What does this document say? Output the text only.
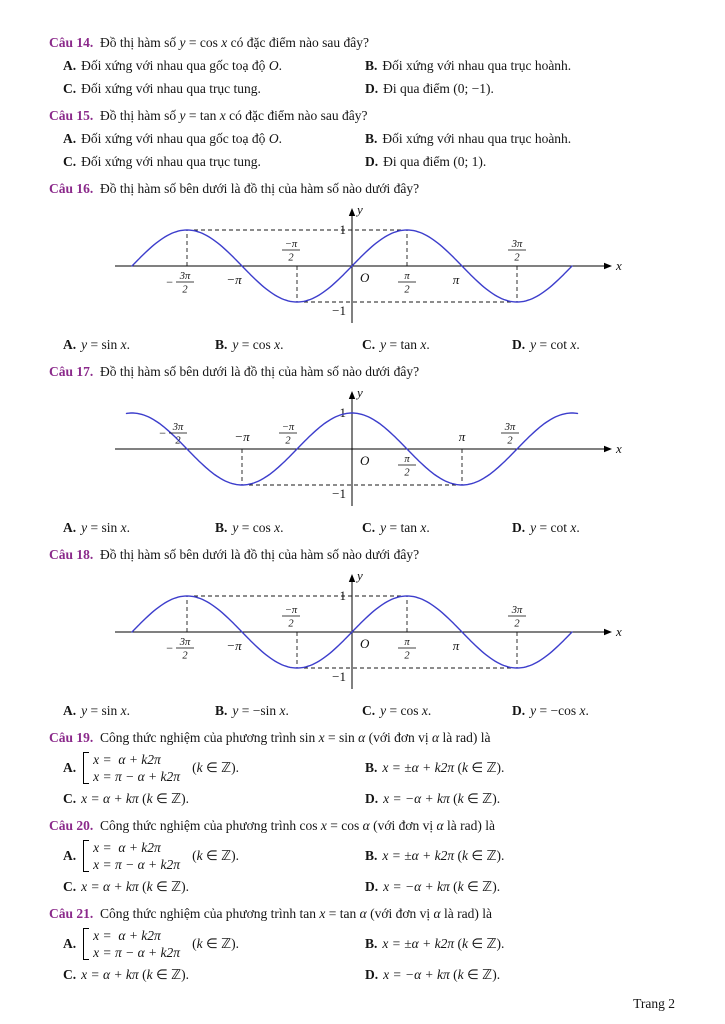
Câu 14. Đồ thị hàm số y = cos x có đặc điểm nào sau đây?
A. Đối xứng với nhau qua gốc toạ độ O.	B. Đối xứng với nhau qua trục hoành.
C. Đối xứng với nhau qua trục tung.	D. Đi qua điểm (0; −1).
Câu 15. Đồ thị hàm số y = tan x có đặc điểm nào sau đây?
A. Đối xứng với nhau qua gốc toạ độ O.	B. Đối xứng với nhau qua trục hoành.
C. Đối xứng với nhau qua trục tung.	D. Đi qua điểm (0; 1).
Câu 16. Đồ thị hàm số bên dưới là đồ thị của hàm số nào dưới đây?
x
y
1
−1
O
3π
2
−	−π
−π
2
π
2
π
3π
2
A. y = sin x.	B. y = cos x.	C. y = tan x.	D. y = cot x.
Câu 17. Đồ thị hàm số bên dưới là đồ thị của hàm số nào dưới đây?
x
y
1
−1
O
3π
2
−	−π
−π
2
π
2
π
3π
2
A. y = sin x.	B. y = cos x.	C. y = tan x.	D. y = cot x.
Câu 18. Đồ thị hàm số bên dưới là đồ thị của hàm số nào dưới đây?
x
y
1
−1
O
3π
2
−	−π
−π
2
π
2
π
3π
2
A. y = sin x.	B. y = −sin x.	C. y = cos x.	D. y = −cos x.
Câu 19. Công thức nghiệm của phương trình sin x = sin α (với đơn vị α là rad) là
A.
x =  α + k2π
x = π − α + k2π
(k ∈ ℤ).	B. x = ±α + k2π (k ∈ ℤ).
C. x = α + kπ (k ∈ ℤ).	D. x = −α + kπ (k ∈ ℤ).
Câu 20. Công thức nghiệm của phương trình cos x = cos α (với đơn vị α là rad) là
A.
x =  α + k2π
x = π − α + k2π
(k ∈ ℤ).	B. x = ±α + k2π (k ∈ ℤ).
C. x = α + kπ (k ∈ ℤ).	D. x = −α + kπ (k ∈ ℤ).
Câu 21. Công thức nghiệm của phương trình tan x = tan α (với đơn vị α là rad) là
A.
x =  α + k2π
x = π − α + k2π
(k ∈ ℤ).	B. x = ±α + k2π (k ∈ ℤ).
C. x = α + kπ (k ∈ ℤ).	D. x = −α + kπ (k ∈ ℤ).
Trang 2
